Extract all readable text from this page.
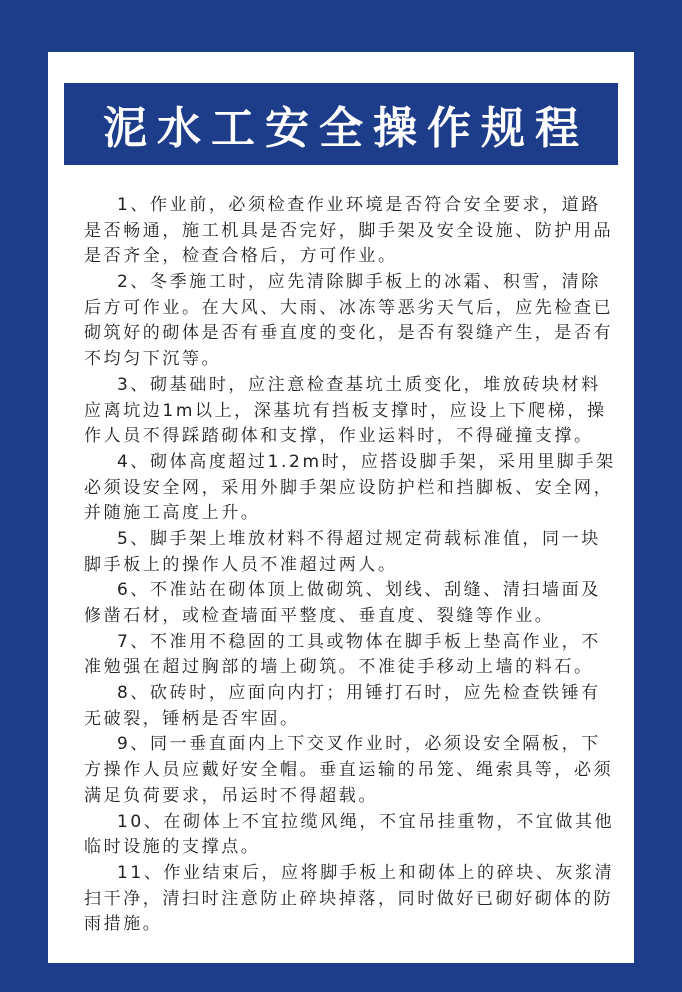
泥水工安全操作规程
1、作业前，必须检查作业环境是否符合安全要求，道路
是否畅通，施工机具是否完好，脚手架及安全设施、防护用品
是否齐全，检查合格后，方可作业。
2、冬季施工时，应先清除脚手板上的冰霜、积雪，清除
后方可作业。在大风、大雨、冰冻等恶劣天气后，应先检查已
砌筑好的砌体是否有垂直度的变化，是否有裂缝产生，是否有
不均匀下沉等。
3、砌基础时，应注意检查基坑土质变化，堆放砖块材料
应离坑边1m以上，深基坑有挡板支撑时，应设上下爬梯，操
作人员不得踩踏砌体和支撑，作业运料时，不得碰撞支撑。
4、砌体高度超过1.2m时，应搭设脚手架，采用里脚手架
必须设安全网，采用外脚手架应设防护栏和挡脚板、安全网，
并随施工高度上升。
5、脚手架上堆放材料不得超过规定荷载标准值，同一块
脚手板上的操作人员不准超过两人。
6、不准站在砌体顶上做砌筑、划线、刮缝、清扫墙面及
修凿石材，或检查墙面平整度、垂直度、裂缝等作业。
7、不准用不稳固的工具或物体在脚手板上垫高作业，不
准勉强在超过胸部的墙上砌筑。不准徒手移动上墙的料石。
8、砍砖时，应面向内打；用锤打石时，应先检查铁锤有
无破裂，锤柄是否牢固。
9、同一垂直面内上下交叉作业时，必须设安全隔板，下
方操作人员应戴好安全帽。垂直运输的吊笼、绳索具等，必须
满足负荷要求，吊运时不得超载。
10、在砌体上不宜拉缆风绳，不宜吊挂重物，不宜做其他
临时设施的支撑点。
11、作业结束后，应将脚手板上和砌体上的碎块、灰浆清
扫干净，清扫时注意防止碎块掉落，同时做好已砌好砌体的防
雨措施。
